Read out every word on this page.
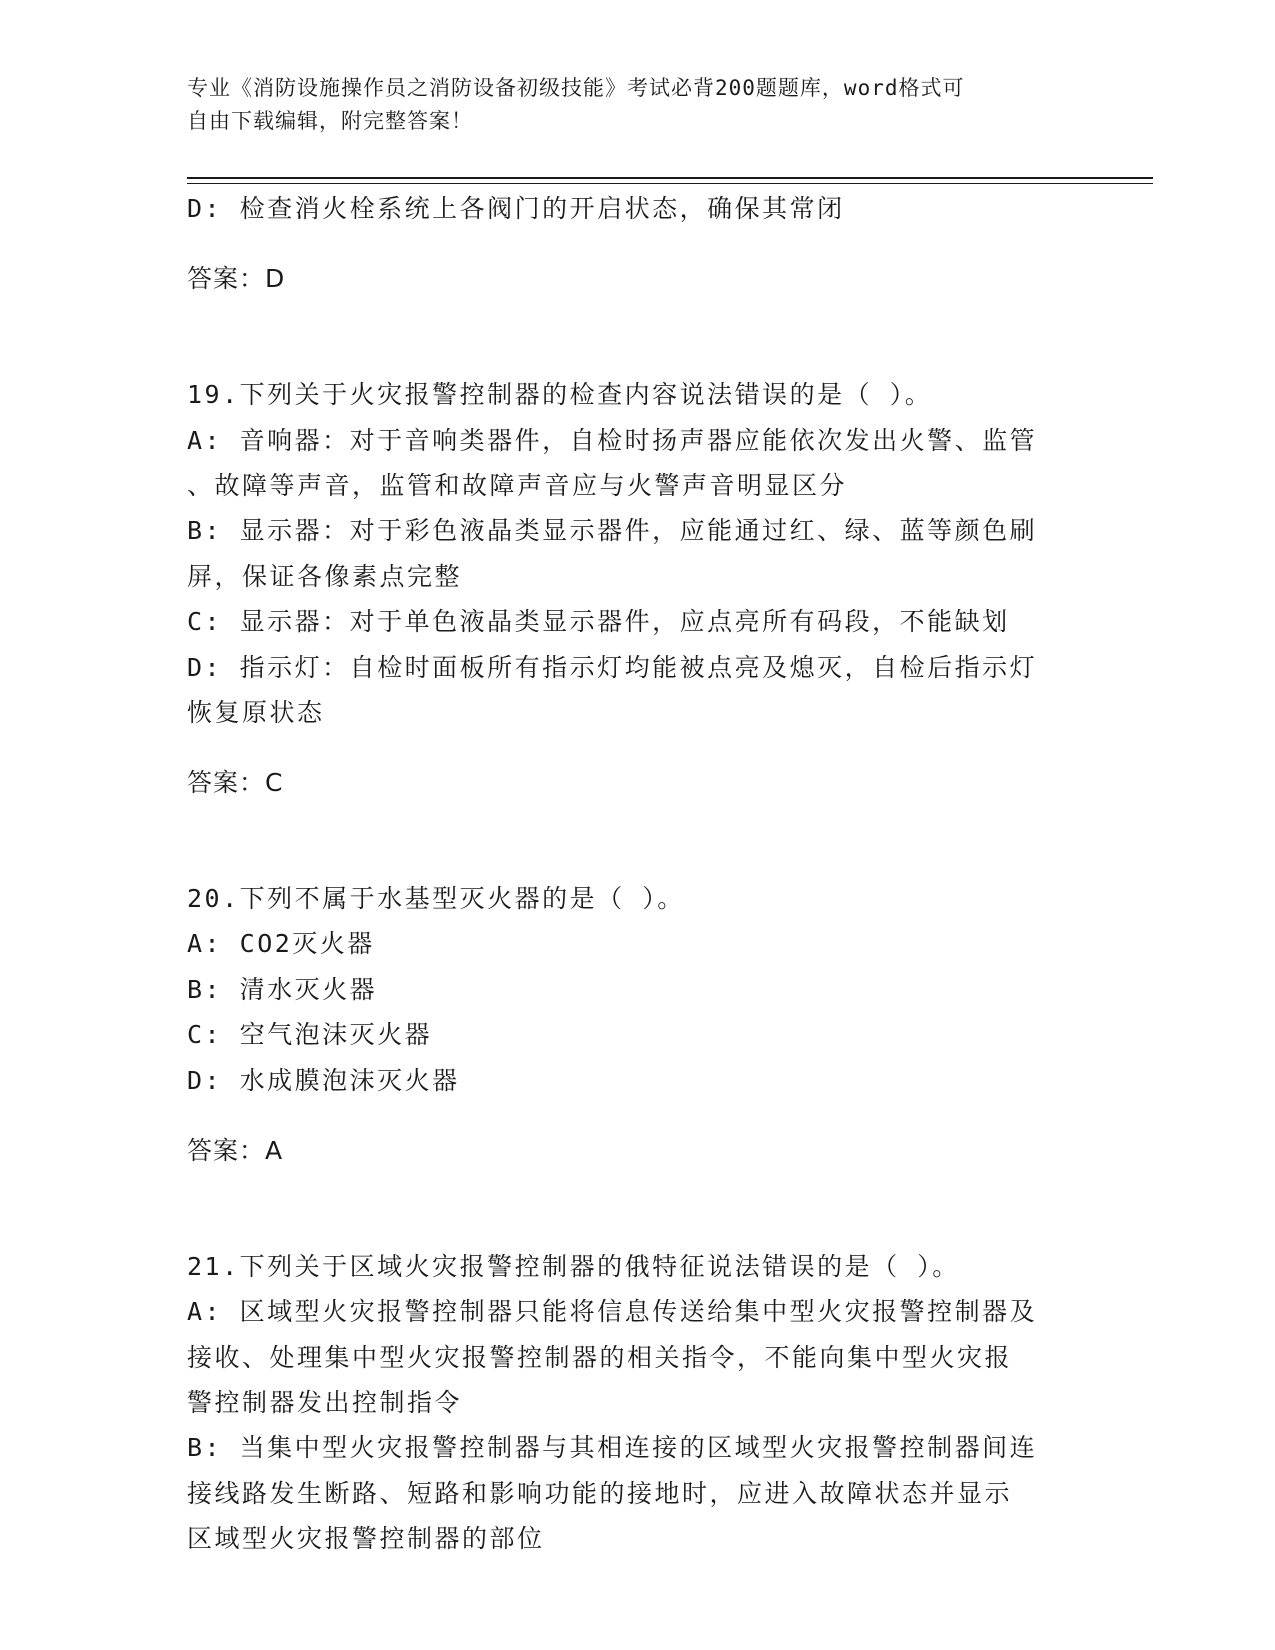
专业《消防设施操作员之消防设备初级技能》考试必背200题题库，word格式可
自由下载编辑，附完整答案！

D: 检查消火栓系统上各阀门的开启状态，确保其常闭

答案：D

19.下列关于火灾报警控制器的检查内容说法错误的是（ ）。

A: 音响器：对于音响类器件，自检时扬声器应能依次发出火警、监管

、故障等声音，监管和故障声音应与火警声音明显区分

B: 显示器：对于彩色液晶类显示器件，应能通过红、绿、蓝等颜色刷

屏，保证各像素点完整

C: 显示器：对于单色液晶类显示器件，应点亮所有码段，不能缺划

D: 指示灯：自检时面板所有指示灯均能被点亮及熄灭，自检后指示灯

恢复原状态

答案：C

20.下列不属于水基型灭火器的是（ ）。

A: CO2灭火器

B: 清水灭火器

C: 空气泡沫灭火器

D: 水成膜泡沫灭火器

答案：A

21.下列关于区域火灾报警控制器的俄特征说法错误的是（ ）。

A: 区域型火灾报警控制器只能将信息传送给集中型火灾报警控制器及

接收、处理集中型火灾报警控制器的相关指令，不能向集中型火灾报

警控制器发出控制指令

B: 当集中型火灾报警控制器与其相连接的区域型火灾报警控制器间连

接线路发生断路、短路和影响功能的接地时，应进入故障状态并显示

区域型火灾报警控制器的部位
